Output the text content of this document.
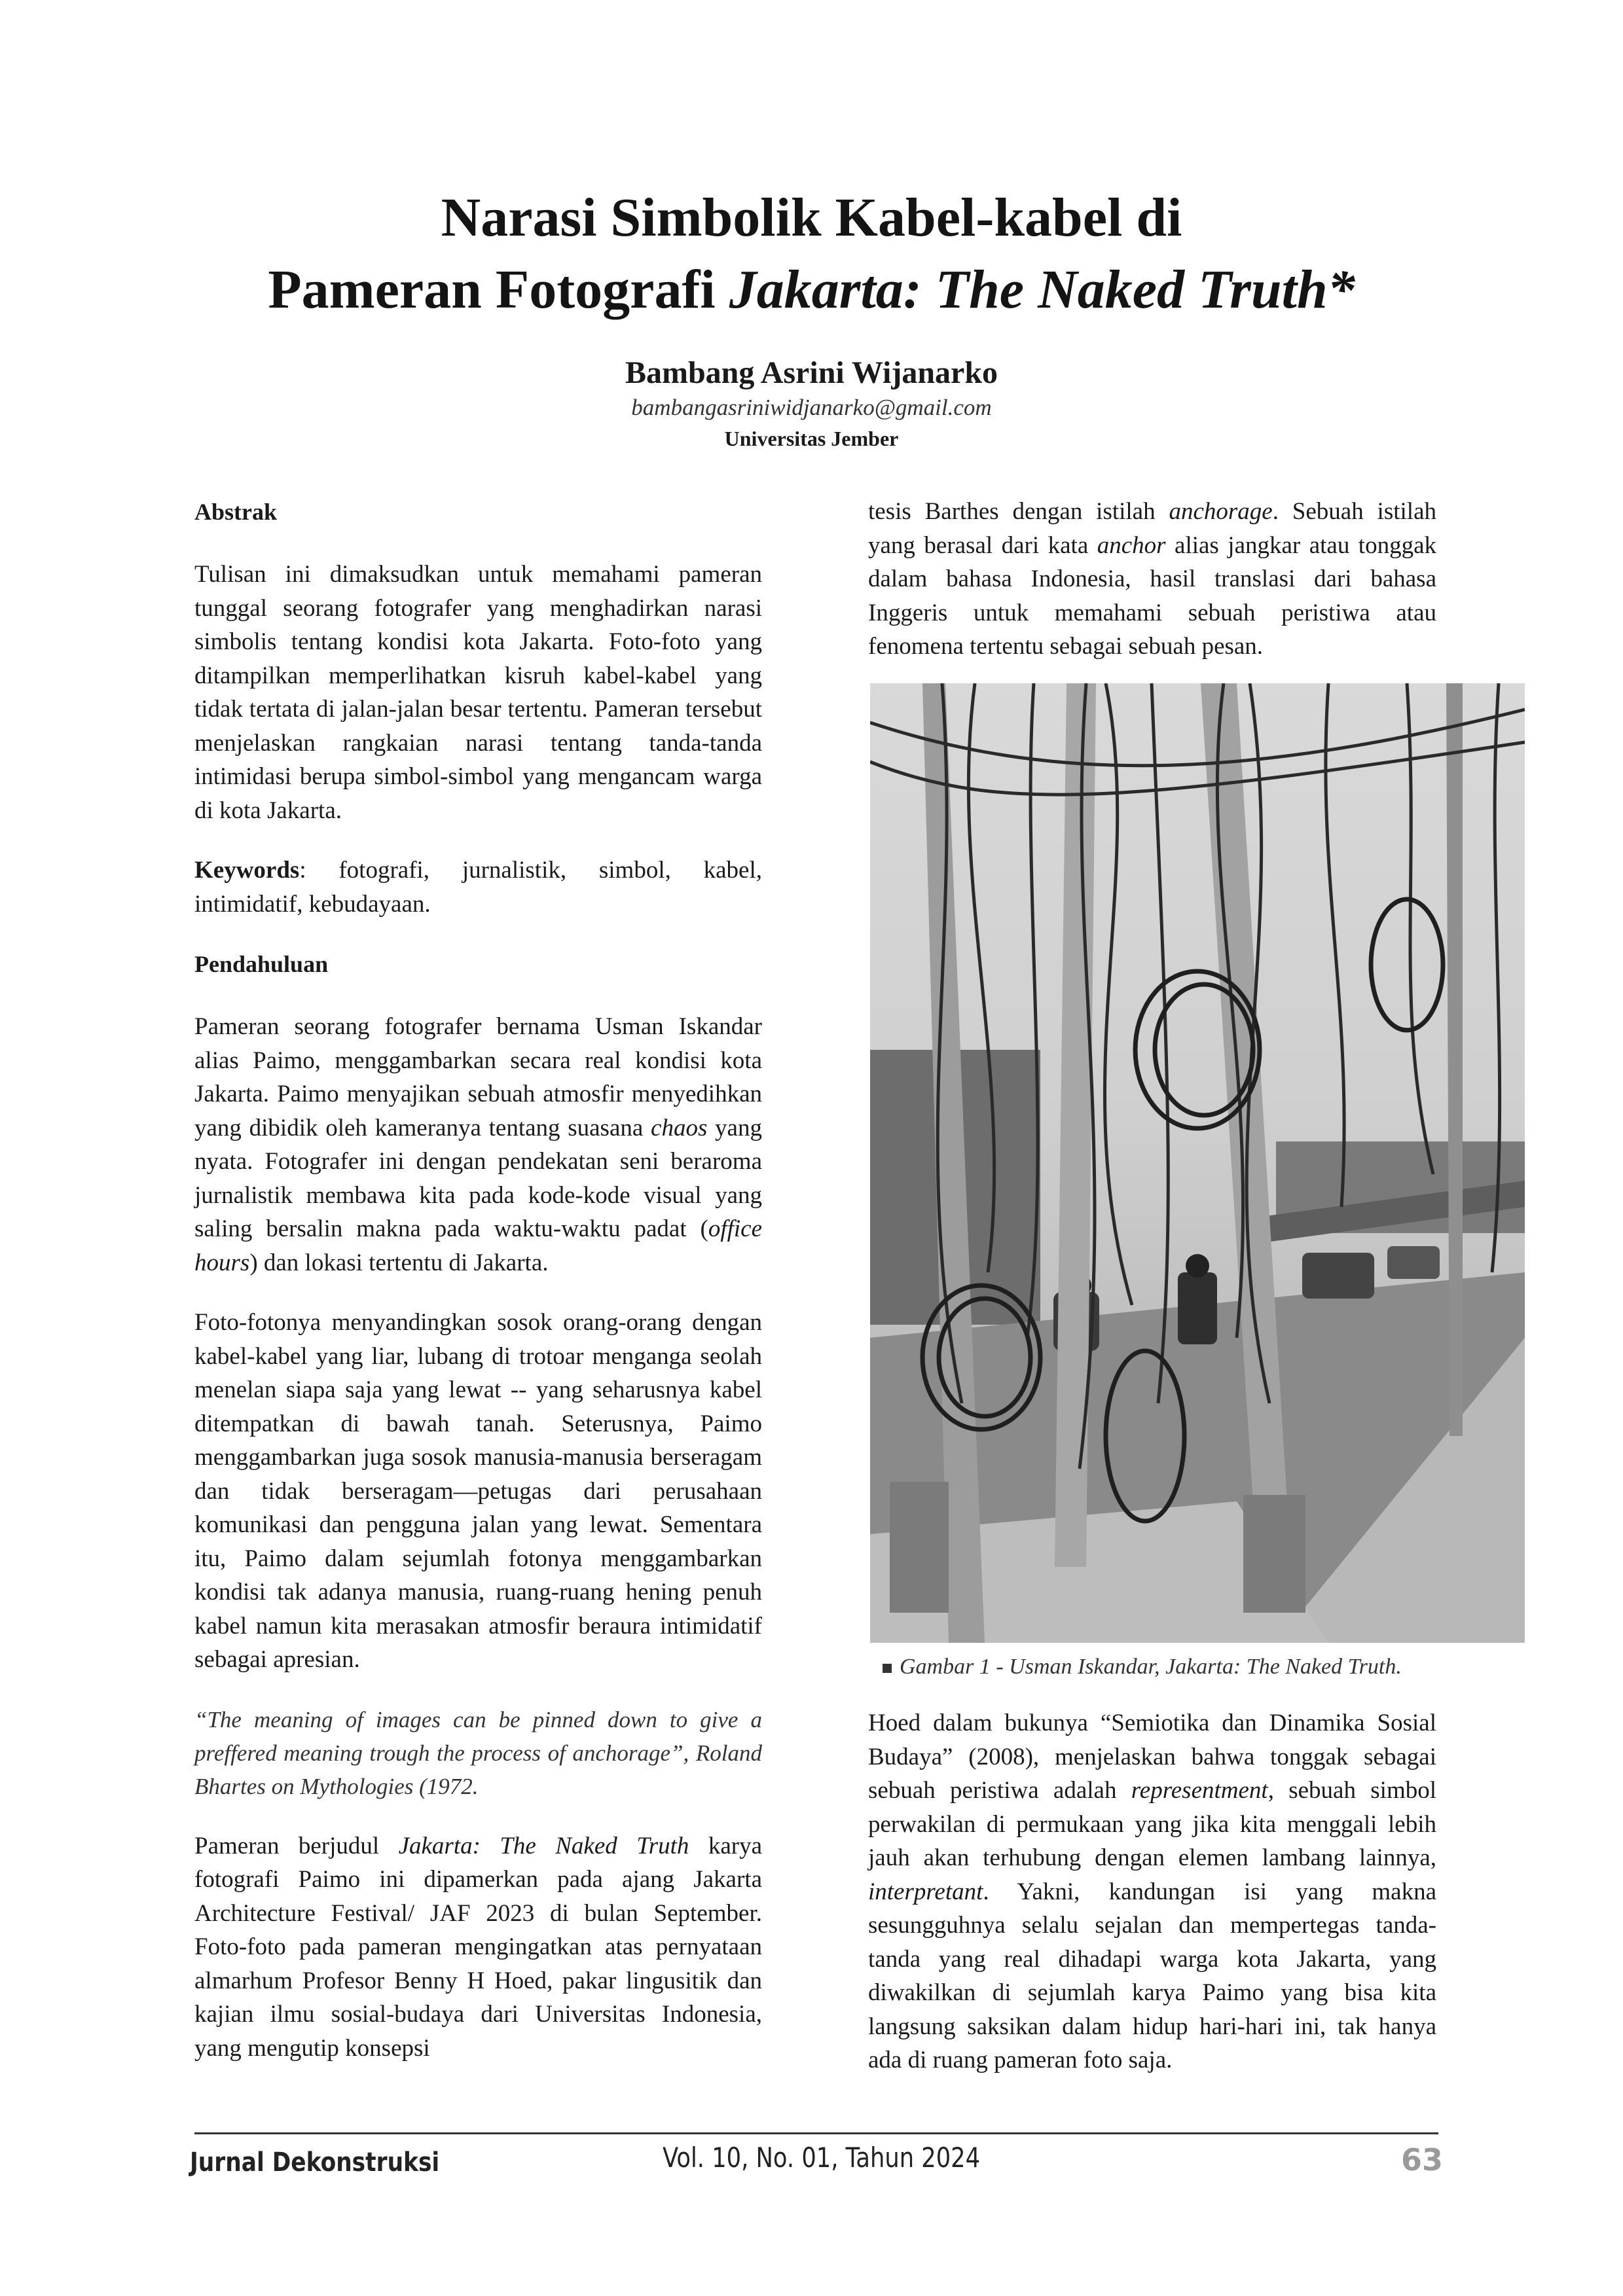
Narasi Simbolik Kabel-kabel di
Pameran Fotografi Jakarta: The Naked Truth*
Bambang Asrini Wijanarko
bambangasriniwidjanarko@gmail.com
Universitas Jember

Abstrak

Tulisan ini dimaksudkan untuk memahami pameran tunggal seorang fotografer yang menghadirkan narasi simbolis tentang kondisi kota Jakarta. Foto-foto yang ditampilkan memperlihatkan kisruh kabel-kabel yang tidak tertata di jalan-jalan besar tertentu. Pameran tersebut menjelaskan rangkaian narasi tentang tanda-tanda intimidasi berupa simbol-simbol yang mengancam warga di kota Jakarta.

Keywords: fotografi, jurnalistik, simbol, kabel, intimidatif, kebudayaan.

Pendahuluan

Pameran seorang fotografer bernama Usman Iskandar alias Paimo, menggambarkan secara real kondisi kota Jakarta. Paimo menyajikan sebuah atmosfir menyedihkan yang dibidik oleh kameranya tentang suasana chaos yang nyata. Fotografer ini dengan pendekatan seni beraroma jurnalistik membawa kita pada kode-kode visual yang saling bersalin makna pada waktu-waktu padat (office hours) dan lokasi tertentu di Jakarta.

Foto-fotonya menyandingkan sosok orang-orang dengan kabel-kabel yang liar, lubang di trotoar menganga seolah menelan siapa saja yang lewat -- yang seharusnya kabel ditempatkan di bawah tanah. Seterusnya, Paimo menggambarkan juga sosok manusia-manusia berseragam dan tidak berseragam—petugas dari perusahaan komunikasi dan pengguna jalan yang lewat. Sementara itu, Paimo dalam sejumlah fotonya menggambarkan kondisi tak adanya manusia, ruang-ruang hening penuh kabel namun kita merasakan atmosfir beraura intimidatif sebagai apresian.

“The meaning of images can be pinned down to give a preffered meaning trough the process of anchorage”, Roland Bhartes on Mythologies (1972.

Pameran berjudul Jakarta: The Naked Truth karya fotografi Paimo ini dipamerkan pada ajang Jakarta Architecture Festival/ JAF 2023 di bulan September. Foto-foto pada pameran mengingatkan atas pernyataan almarhum Profesor Benny H Hoed, pakar lingusitik dan kajian ilmu sosial-budaya dari Universitas Indonesia, yang mengutip konsepsi

tesis Barthes dengan istilah anchorage. Sebuah istilah yang berasal dari kata anchor alias jangkar atau tonggak dalam bahasa Indonesia, hasil translasi dari bahasa Inggeris untuk memahami sebuah peristiwa atau fenomena tertentu sebagai sebuah pesan.

Gambar 1 - Usman Iskandar, Jakarta: The Naked Truth.

Hoed dalam bukunya “Semiotika dan Dinamika Sosial Budaya” (2008), menjelaskan bahwa tonggak sebagai sebuah peristiwa adalah representment, sebuah simbol perwakilan di permukaan yang jika kita menggali lebih jauh akan terhubung dengan elemen lambang lainnya, interpretant. Yakni, kandungan isi yang makna sesungguhnya selalu sejalan dan mempertegas tanda-tanda yang real dihadapi warga kota Jakarta, yang diwakilkan di sejumlah karya Paimo yang bisa kita langsung saksikan dalam hidup hari-hari ini, tak hanya ada di ruang pameran foto saja.

Jurnal Dekonstruksi	Vol. 10, No. 01, Tahun 2024	63
